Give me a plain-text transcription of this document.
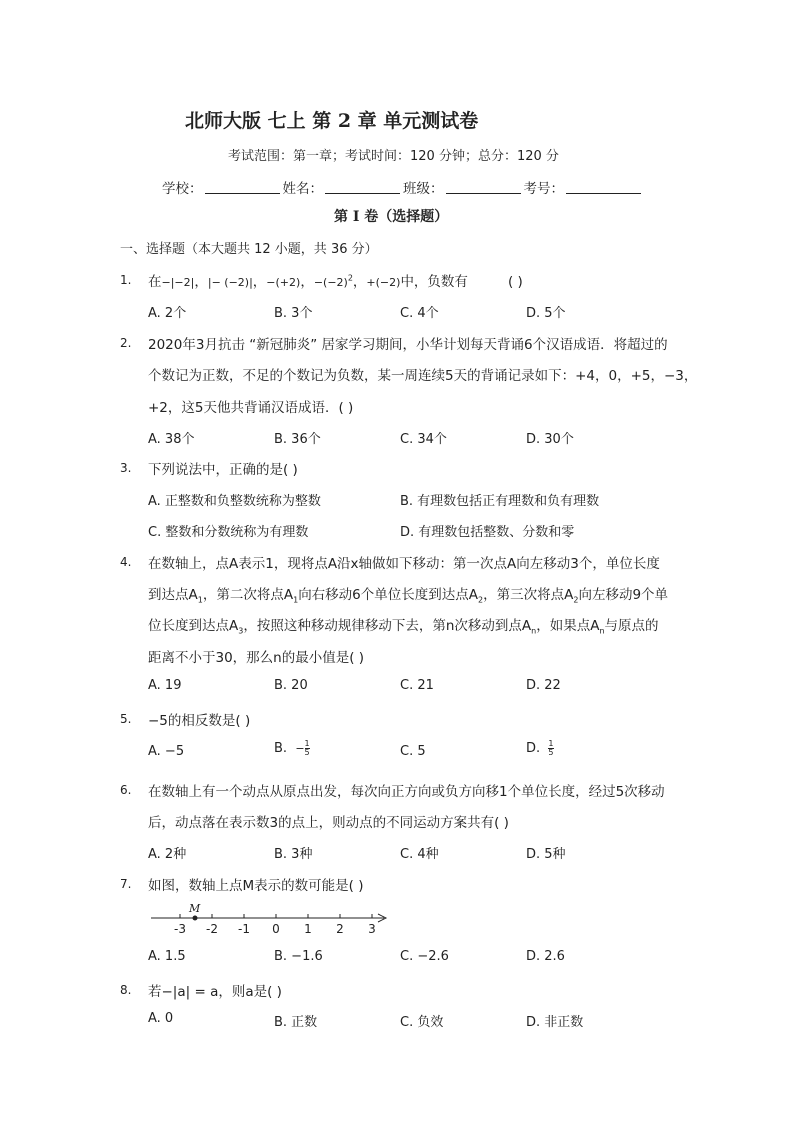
北师大版 七上 第 2 章 单元测试卷
考试范围：第一章；考试时间：120 分钟；总分：120 分
学校：	姓名：	班级：	考号：
第 I 卷（选择题）
一、选择题（本大题共 12 小题，共 36 分）
1. 在−|−2|，|− (−2)|，−(+2)，$-(-2)^2$，+(−2)中，负数有	( )
A. 2个	B. 3个	C. 4个	D. 5个
2. 2020年3月抗击 “新冠肺炎” 居家学习期间，小华计划每天背诵6个汉语成语．将超过的
个数记为正数，不足的个数记为负数，某一周连续5天的背诵记录如下：+4，0，+5，−3，
+2，这5天他共背诵汉语成语．( )
A. 38个	B. 36个	C. 34个	D. 30个
3. 下列说法中，正确的是( )
A. 正整数和负整数统称为整数	B. 有理数包括正有理数和负有理数
C. 整数和分数统称为有理数	D. 有理数包括整数、分数和零
4. 在数轴上，点A表示1，现将点A沿x轴做如下移动：第一次点A向左移动3个，单位长度
到达点$A_1$，第二次将点$A_1$向右移动6个单位长度到达点$A_2$，第三次将点$A_2$向左移动9个单
位长度到达点$A_3$，按照这种移动规律移动下去，第n次移动到点$A_n$，如果点$A_n$与原点的
距离不小于30，那么n的最小值是( )
A. 19	B. 20	C. 21	D. 22
5. −5的相反数是( )
A. −5	B. − $\frac{1}{5}$	C. 5	D. $\frac{1}{5}$
6. 在数轴上有一个动点从原点出发，每次向正方向或负方向移1个单位长度，经过5次移动
后，动点落在表示数3的点上，则动点的不同运动方案共有( )
A. 2种	B. 3种	C. 4种	D. 5种
7. 如图，数轴上点M表示的数可能是( )
-3 -2 -1 0 1 2 3
M
A. 1.5	B. −1.6	C. −2.6	D. 2.6
8. 若−|a| = a，则a是( )
A. 0	B. 正数	C. 负效	D. 非正数
